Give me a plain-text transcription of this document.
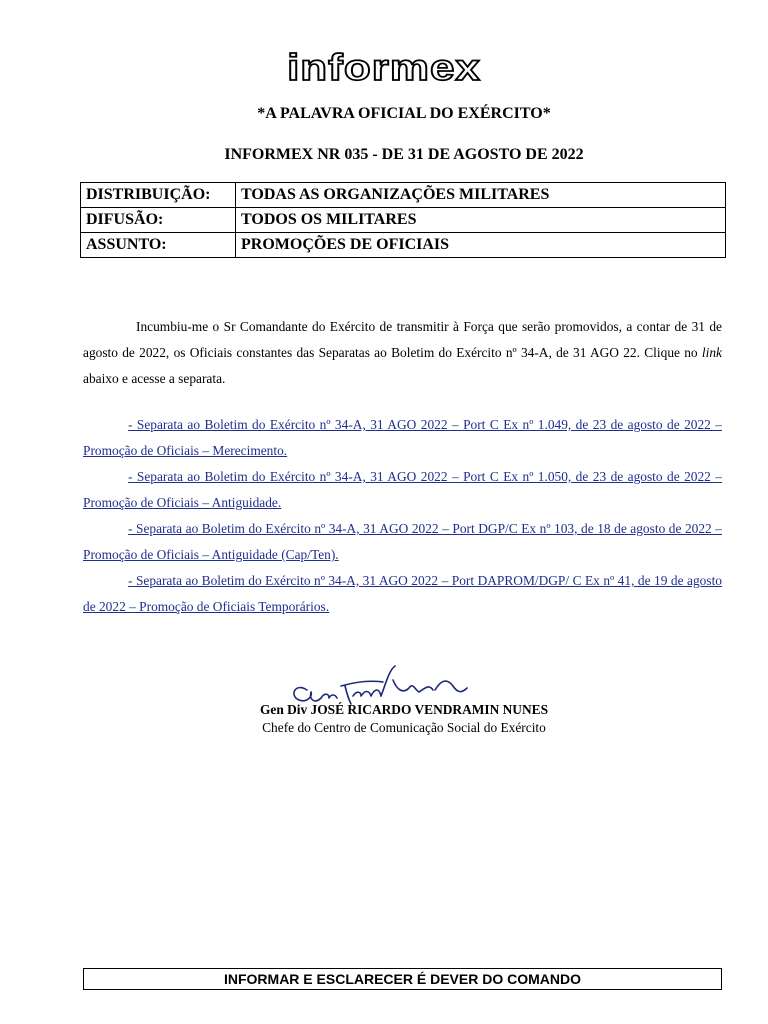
informex
*A PALAVRA OFICIAL DO EXÉRCITO*
INFORMEX NR 035 - DE 31 DE AGOSTO DE 2022
DISTRIBUIÇÃO:	TODAS AS ORGANIZAÇÕES MILITARES
DIFUSÃO:	TODOS OS MILITARES
ASSUNTO:	PROMOÇÕES DE OFICIAIS

Incumbiu-me o Sr Comandante do Exército de transmitir à Força que serão promovidos, a contar de 31 de agosto de 2022, os Oficiais constantes das Separatas ao Boletim do Exército nº 34-A, de 31 AGO 22. Clique no link abaixo e acesse a separata.

- Separata ao Boletim do Exército nº 34-A, 31 AGO 2022 – Port C Ex nº 1.049, de 23 de agosto de 2022 – Promoção de Oficiais – Merecimento.
- Separata ao Boletim do Exército nº 34-A, 31 AGO 2022 – Port C Ex nº 1.050, de 23 de agosto de 2022 – Promoção de Oficiais – Antiguidade.
- Separata ao Boletim do Exército nº 34-A, 31 AGO 2022 – Port DGP/C Ex nº 103, de 18 de agosto de 2022 – Promoção de Oficiais – Antiguidade (Cap/Ten).
- Separata ao Boletim do Exército nº 34-A, 31 AGO 2022 – Port DAPROM/DGP/ C Ex nº 41, de 19 de agosto de 2022 – Promoção de Oficiais Temporários.
Gen Div JOSÉ RICARDO VENDRAMIN NUNES
Chefe do Centro de Comunicação Social do Exército
INFORMAR E ESCLARECER É DEVER DO COMANDO
